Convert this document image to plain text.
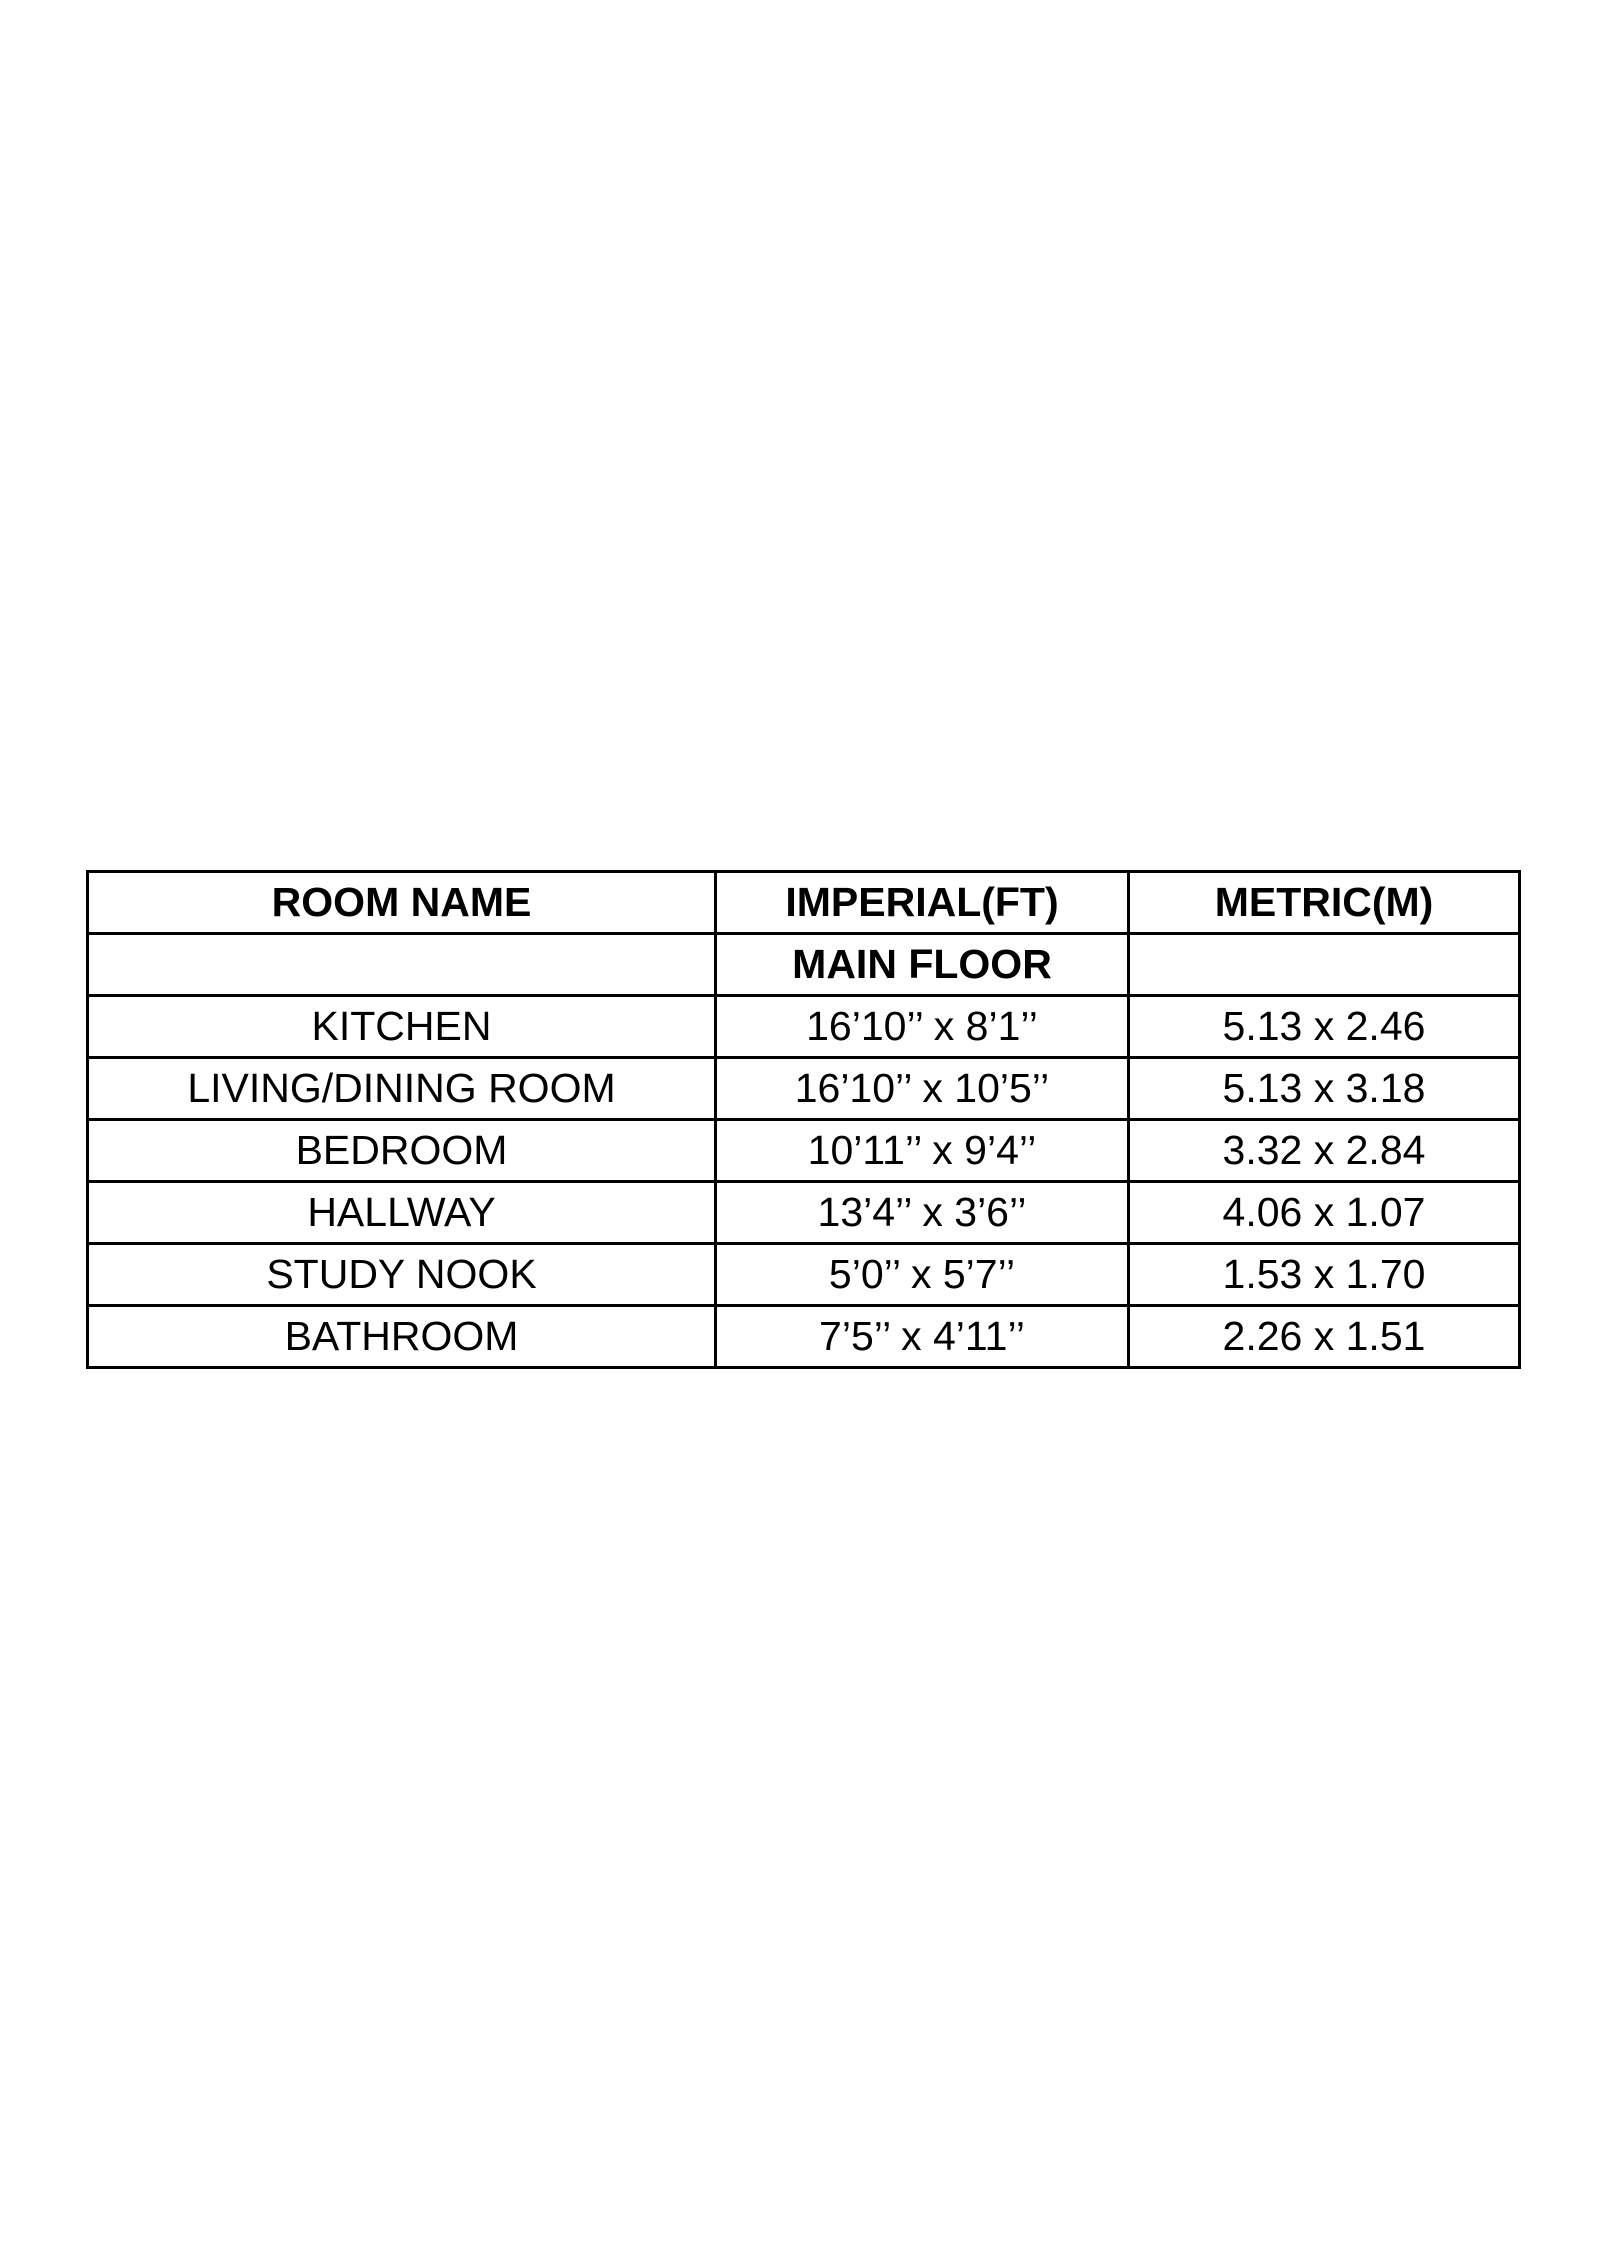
ROOM NAME	IMPERIAL(FT)	METRIC(M)
	MAIN FLOOR	
KITCHEN	16’10’’ x 8’1’’	5.13 x 2.46
LIVING/DINING ROOM	16’10’’ x 10’5’’	5.13 x 3.18
BEDROOM	10’11’’ x 9’4’’	3.32 x 2.84
HALLWAY	13’4’’ x 3’6’’	4.06 x 1.07
STUDY NOOK	5’0’’ x 5’7’’	1.53 x 1.70
BATHROOM	7’5’’ x 4’11’’	2.26 x 1.51
